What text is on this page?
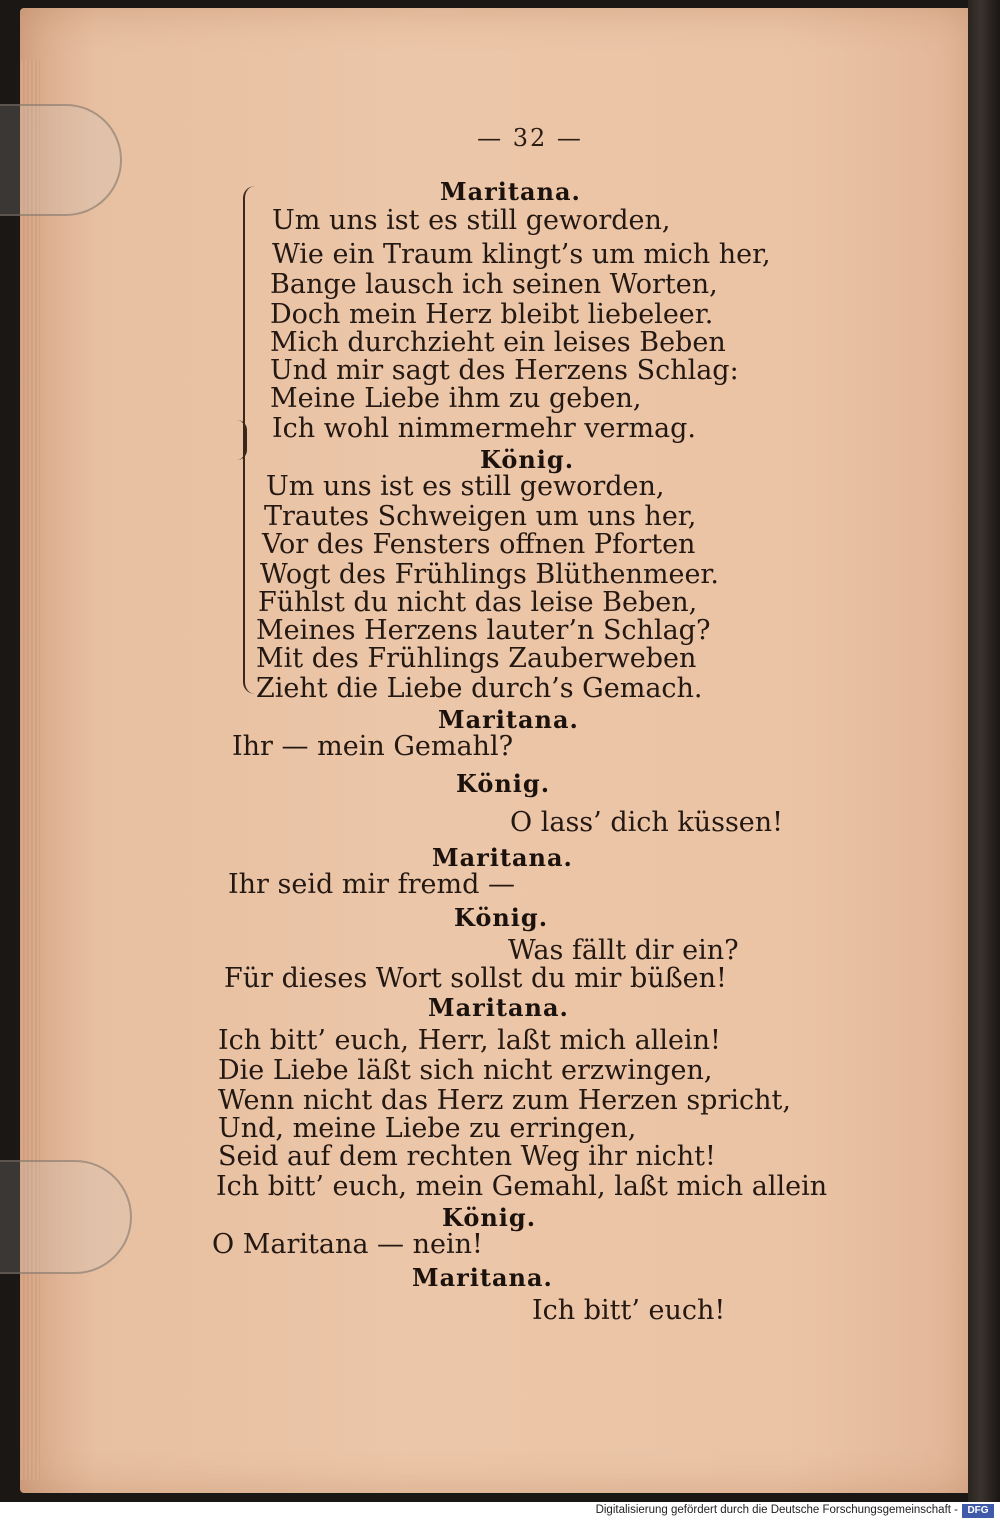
— 32 —
Maritana.
Um uns ist es still geworden,
Wie ein Traum klingt’s um mich her,
Bange lausch ich seinen Worten,
Doch mein Herz bleibt liebeleer.
Mich durchzieht ein leises Beben
Und mir sagt des Herzens Schlag:
Meine Liebe ihm zu geben,
Ich wohl nimmermehr vermag.
König.
Um uns ist es still geworden,
Trautes Schweigen um uns her,
Vor des Fensters offnen Pforten
Wogt des Frühlings Blüthenmeer.
Fühlst du nicht das leise Beben,
Meines Herzens lauter’n Schlag?
Mit des Frühlings Zauberweben
Zieht die Liebe durch’s Gemach.
Maritana.
Ihr — mein Gemahl?
König.
O lass’ dich küssen!
Maritana.
Ihr seid mir fremd —
König.
Was fällt dir ein?
Für dieses Wort sollst du mir büßen!
Maritana.
Ich bitt’ euch, Herr, laßt mich allein!
Die Liebe läßt sich nicht erzwingen,
Wenn nicht das Herz zum Herzen spricht,
Und, meine Liebe zu erringen,
Seid auf dem rechten Weg ihr nicht!
Ich bitt’ euch, mein Gemahl, laßt mich allein
König.
O Maritana — nein!
Maritana.
Ich bitt’ euch!
Digitalisierung gefördert durch die Deutsche Forschungsgemeinschaft - DFG
